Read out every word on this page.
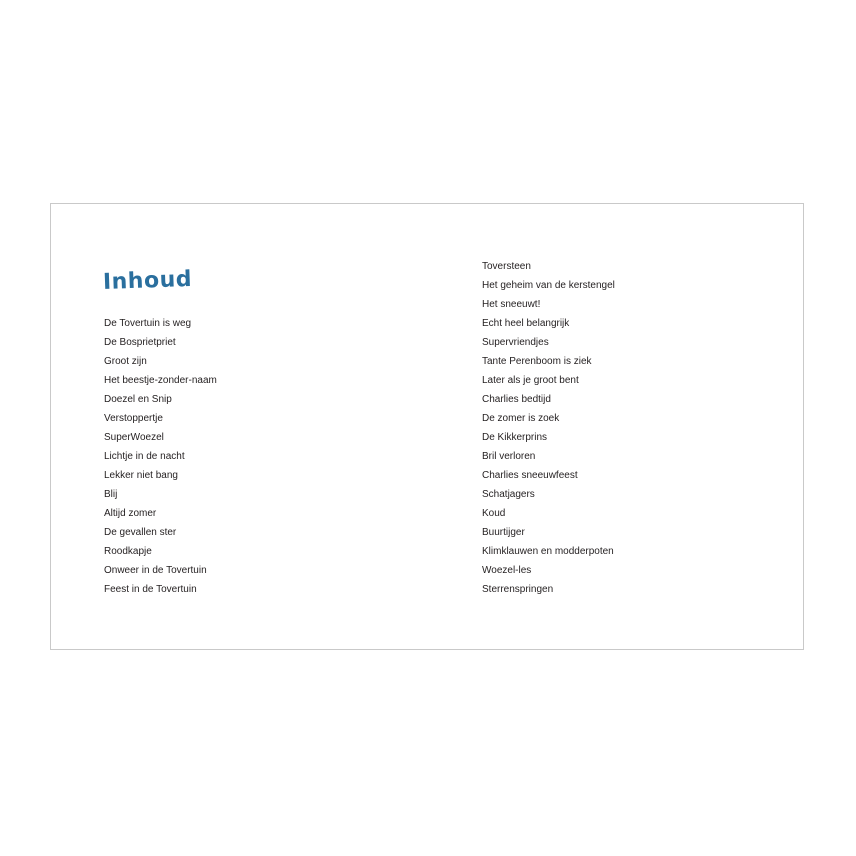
Inhoud
De Tovertuin is weg
De Bosprietpriet
Groot zijn
Het beestje-zonder-naam
Doezel en Snip
Verstoppertje
SuperWoezel
Lichtje in de nacht
Lekker niet bang
Blij
Altijd zomer
De gevallen ster
Roodkapje
Onweer in de Tovertuin
Feest in de Tovertuin
Toversteen
Het geheim van de kerstengel
Het sneeuwt!
Echt heel belangrijk
Supervriendjes
Tante Perenboom is ziek
Later als je groot bent
Charlies bedtijd
De zomer is zoek
De Kikkerprins
Bril verloren
Charlies sneeuwfeest
Schatjagers
Koud
Buurtijger
Klimklauwen en modderpoten
Woezel-les
Sterrenspringen
